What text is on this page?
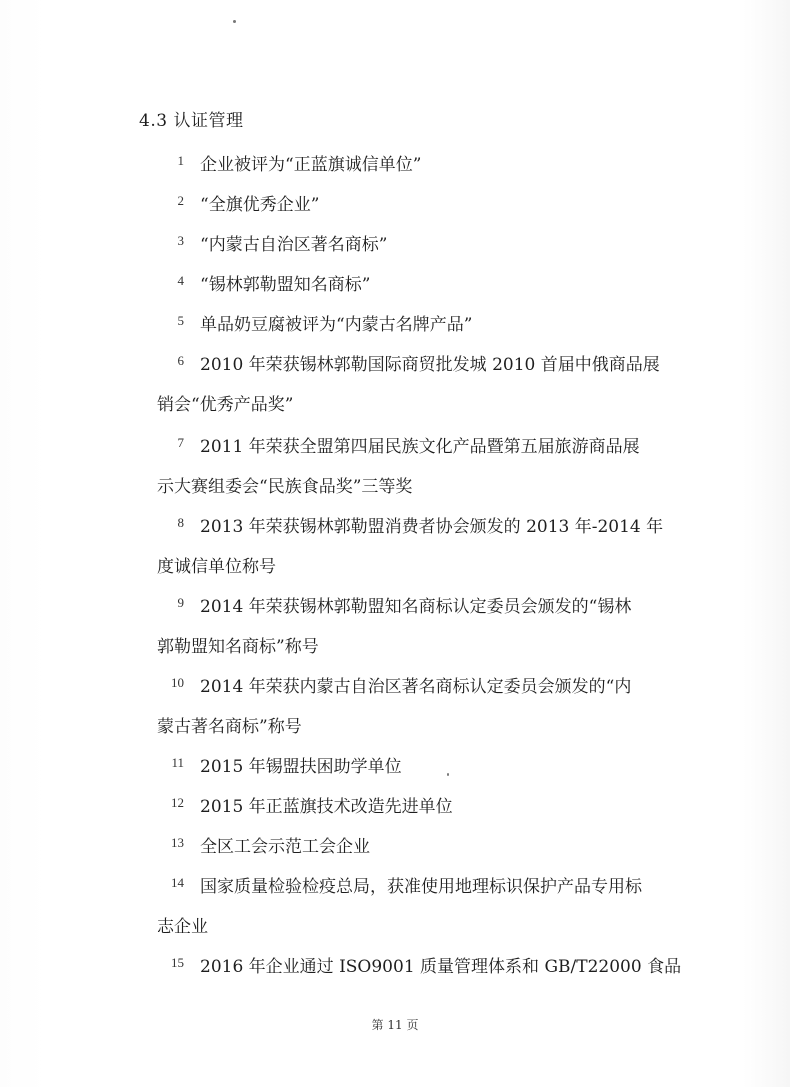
4.3 认证管理
1 企业被评为“正蓝旗诚信单位”
2 “全旗优秀企业”
3 “内蒙古自治区著名商标”
4 “锡林郭勒盟知名商标”
5 单品奶豆腐被评为“内蒙古名牌产品”
6 2010 年荣获锡林郭勒国际商贸批发城 2010 首届中俄商品展
销会“优秀产品奖”
7 2011 年荣获全盟第四届民族文化产品暨第五届旅游商品展
示大赛组委会“民族食品奖”三等奖
8 2013 年荣获锡林郭勒盟消费者协会颁发的 2013 年-2014 年
度诚信单位称号
9 2014 年荣获锡林郭勒盟知名商标认定委员会颁发的“锡林
郭勒盟知名商标”称号
10 2014 年荣获内蒙古自治区著名商标认定委员会颁发的“内
蒙古著名商标”称号
11 2015 年锡盟扶困助学单位
12 2015 年正蓝旗技术改造先进单位
13 全区工会示范工会企业
14 国家质量检验检疫总局，获准使用地理标识保护产品专用标
志企业
15 2016 年企业通过 ISO9001 质量管理体系和 GB/T22000 食品
第 11 页
